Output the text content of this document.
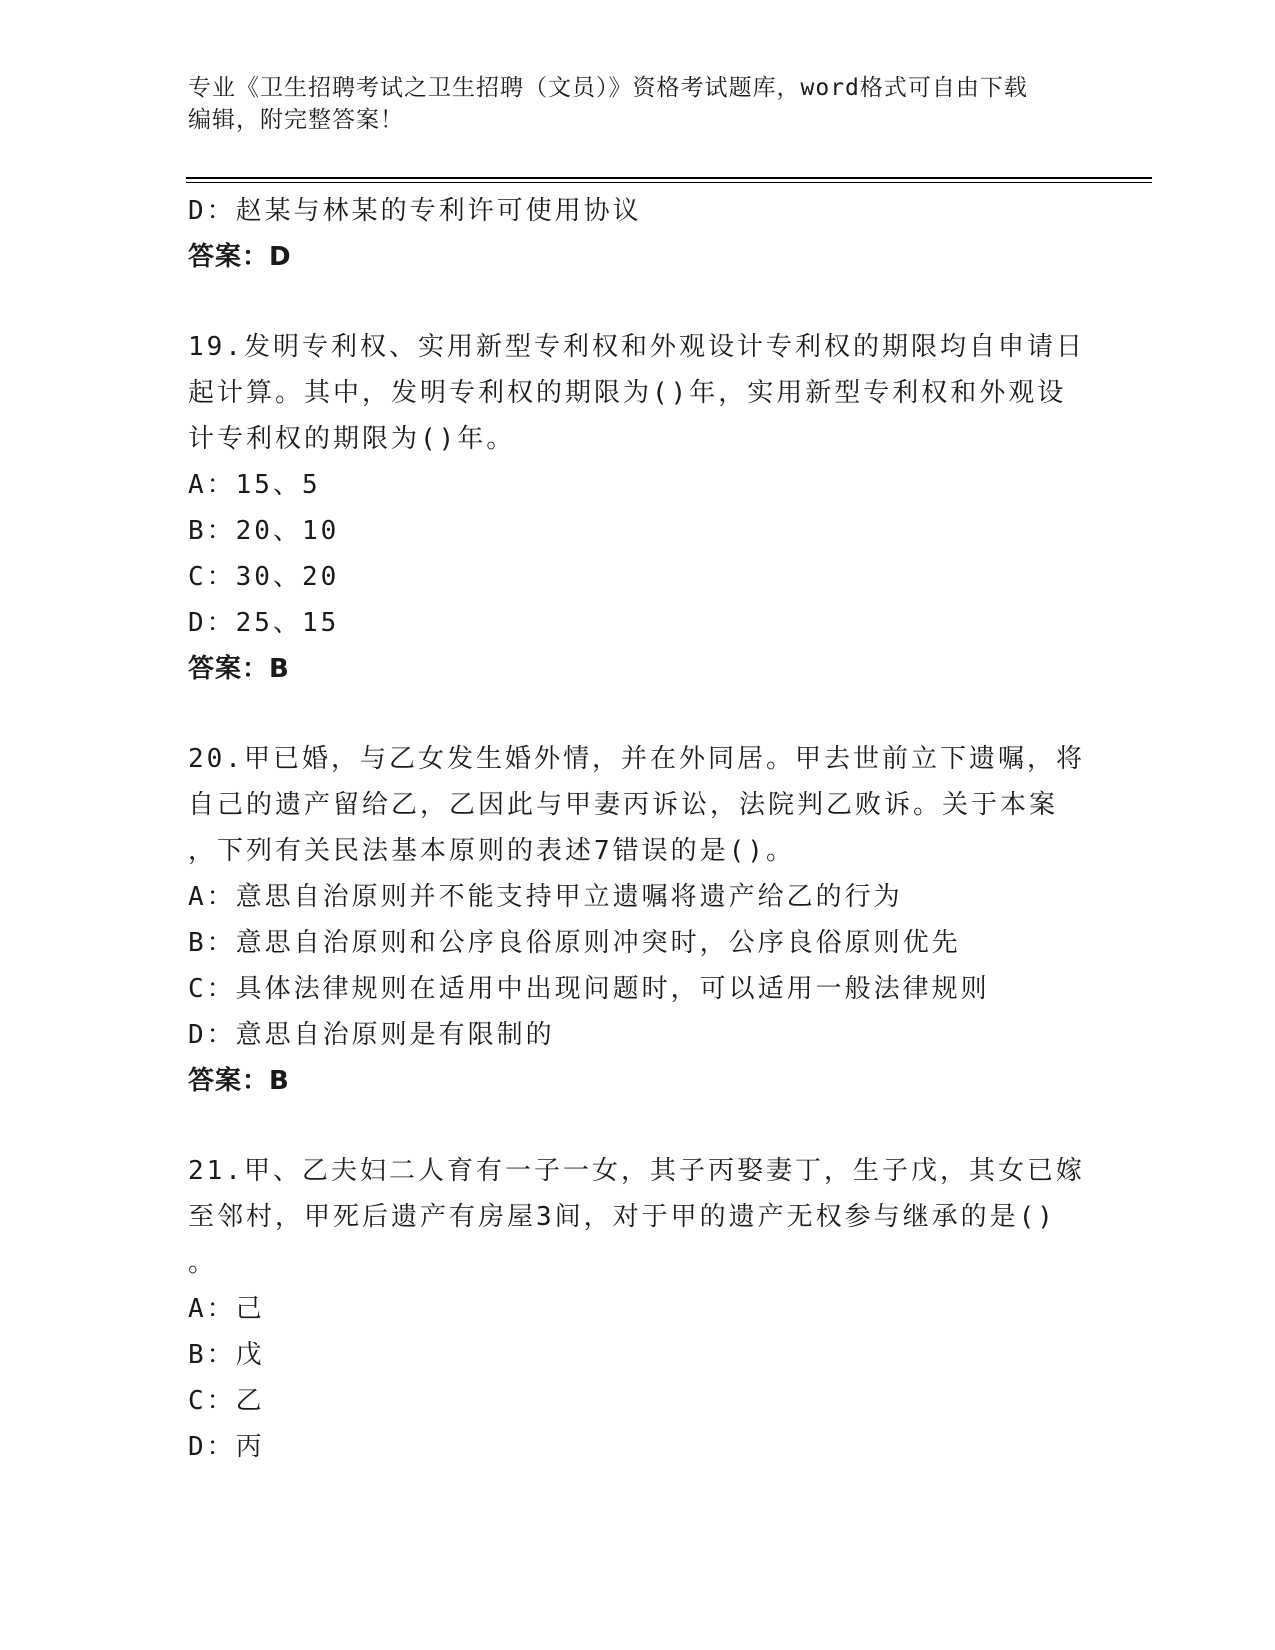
专业《卫生招聘考试之卫生招聘（文员）》资格考试题库，word格式可自由下载
编辑，附完整答案！
D：赵某与林某的专利许可使用协议
答案：D
19.发明专利权、实用新型专利权和外观设计专利权的期限均自申请日
起计算。其中，发明专利权的期限为()年，实用新型专利权和外观设
计专利权的期限为()年。
A：15、5
B：20、10
C：30、20
D：25、15
答案：B
20.甲已婚，与乙女发生婚外情，并在外同居。甲去世前立下遗嘱，将
自己的遗产留给乙，乙因此与甲妻丙诉讼，法院判乙败诉。关于本案
，下列有关民法基本原则的表述7错误的是()。
A：意思自治原则并不能支持甲立遗嘱将遗产给乙的行为
B：意思自治原则和公序良俗原则冲突时，公序良俗原则优先
C：具体法律规则在适用中出现问题时，可以适用一般法律规则
D：意思自治原则是有限制的
答案：B
21.甲、乙夫妇二人育有一子一女，其子丙娶妻丁，生子戊，其女已嫁
至邻村，甲死后遗产有房屋3间，对于甲的遗产无权参与继承的是()
。
A：己
B：戊
C：乙
D：丙
